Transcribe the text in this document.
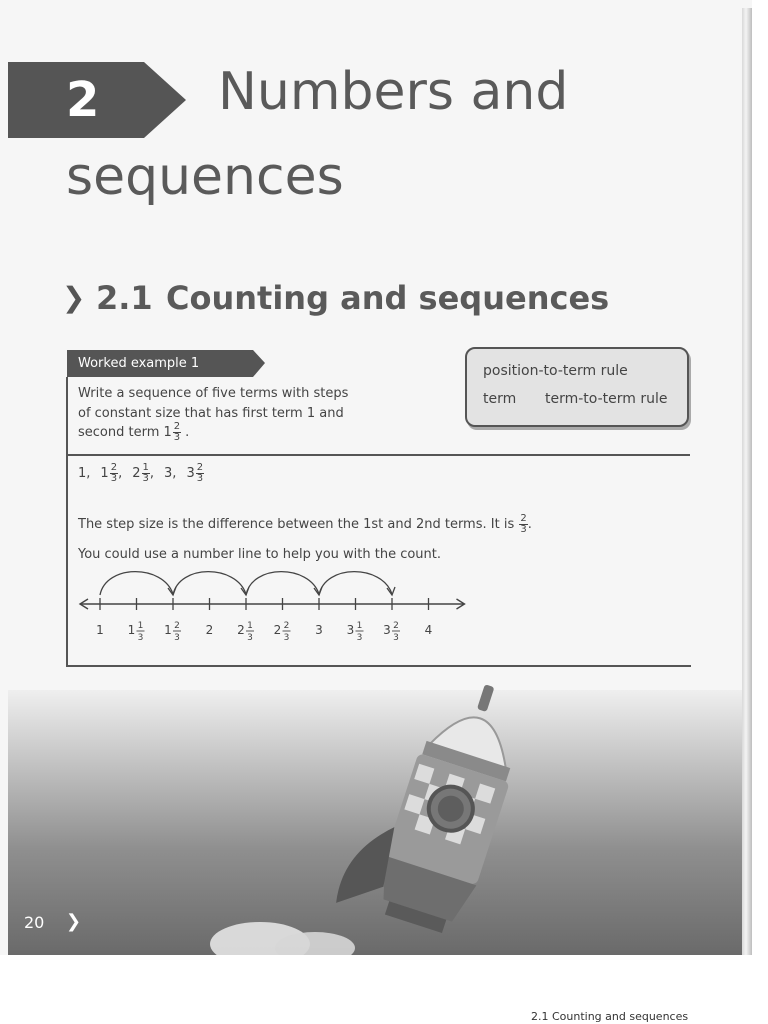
2 Numbers and
sequences
❯ 2.1 Counting and sequences
position-to-term rule
term term-to-term rule
Worked example 1
Write a sequence of five terms with steps
of constant size that has first term 1 and
second term
$1 \frac{2}{3}$ .
1 , $1 \frac{2}{3}$ , $2 \frac{1}{3}$ , 3 , $3 \frac{2}{3}$
The step size is the difference between the 1st and 2nd terms. It is
$\frac{2}{3}$ .
You could use a number line to help you with the count.
1 1 1
3
1 2
3
2 2 1
3
2 2
3
3 3 1
3
3 2
3
4
20 ❯
2.1 Counting and sequences
